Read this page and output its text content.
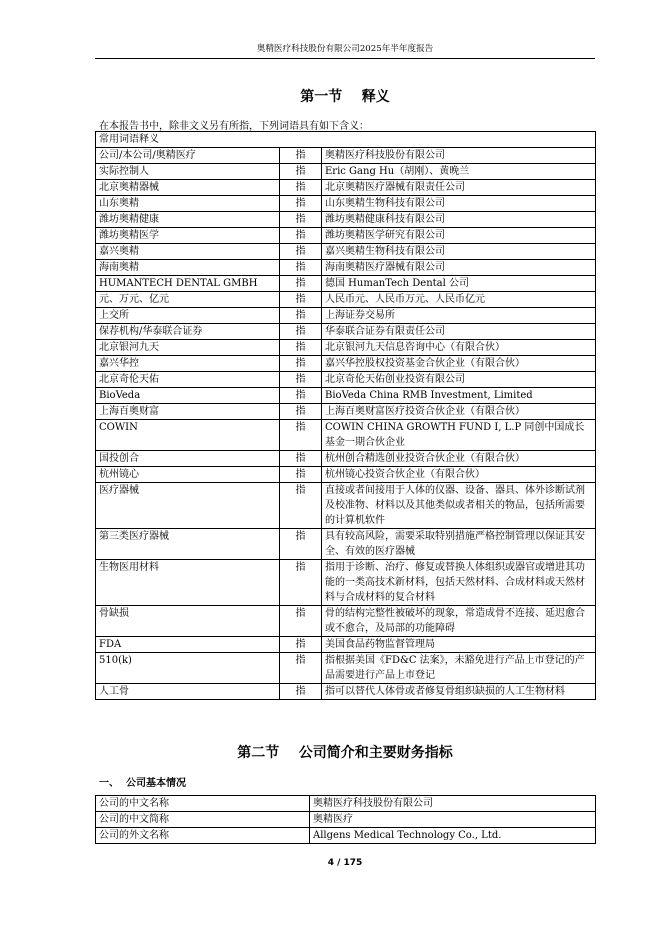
奥精医疗科技股份有限公司2025年半年度报告
第一节    释义
在本报告书中，除非文义另有所指，下列词语具有如下含义：
常用词语释义		
公司/本公司/奥精医疗	指	奥精医疗科技股份有限公司
实际控制人	指	Eric Gang Hu（胡刚）、黄晚兰
北京奥精器械	指	北京奥精医疗器械有限责任公司
山东奥精	指	山东奥精生物科技有限公司
潍坊奥精健康	指	潍坊奥精健康科技有限公司
潍坊奥精医学	指	潍坊奥精医学研究有限公司
嘉兴奥精	指	嘉兴奥精生物科技有限公司
海南奥精	指	海南奥精医疗器械有限公司
HUMANTECH DENTAL GMBH	指	德国 HumanTech Dental 公司
元、万元、亿元	指	人民币元、人民币万元、人民币亿元
上交所	指	上海证券交易所
保荐机构/华泰联合证券	指	华泰联合证券有限责任公司
北京银河九天	指	北京银河九天信息咨询中心（有限合伙）
嘉兴华控	指	嘉兴华控股权投资基金合伙企业（有限合伙）
北京奇伦天佑	指	北京奇伦天佑创业投资有限公司
BioVeda	指	BioVeda China RMB Investment, Limited
上海百奥财富	指	上海百奥财富医疗投资合伙企业（有限合伙）
COWIN	指	COWIN CHINA GROWTH FUND I, L.P 同创中国成长基金一期合伙企业
国投创合	指	杭州创合精选创业投资合伙企业（有限合伙）
杭州镜心	指	杭州镜心投资合伙企业（有限合伙）
医疗器械	指	直接或者间接用于人体的仪器、设备、器具、体外诊断试剂及校准物、材料以及其他类似或者相关的物品，包括所需要的计算机软件
第三类医疗器械	指	具有较高风险，需要采取特别措施严格控制管理以保证其安全、有效的医疗器械
生物医用材料	指	指用于诊断、治疗、修复或替换人体组织或器官或增进其功能的一类高技术新材料，包括天然材料、合成材料或天然材料与合成材料的复合材料
骨缺损	指	骨的结构完整性被破坏的现象，常造成骨不连接、延迟愈合或不愈合，及局部的功能障碍
FDA	指	美国食品药物监督管理局
510(k)	指	指根据美国《FD&C 法案》，未豁免进行产品上市登记的产品需要进行产品上市登记
人工骨	指	指可以替代人体骨或者修复骨组织缺损的人工生物材料
第二节    公司简介和主要财务指标
一、  公司基本情况
公司的中文名称	奥精医疗科技股份有限公司
公司的中文简称	奥精医疗
公司的外文名称	Allgens Medical Technology Co., Ltd.
4 / 175
